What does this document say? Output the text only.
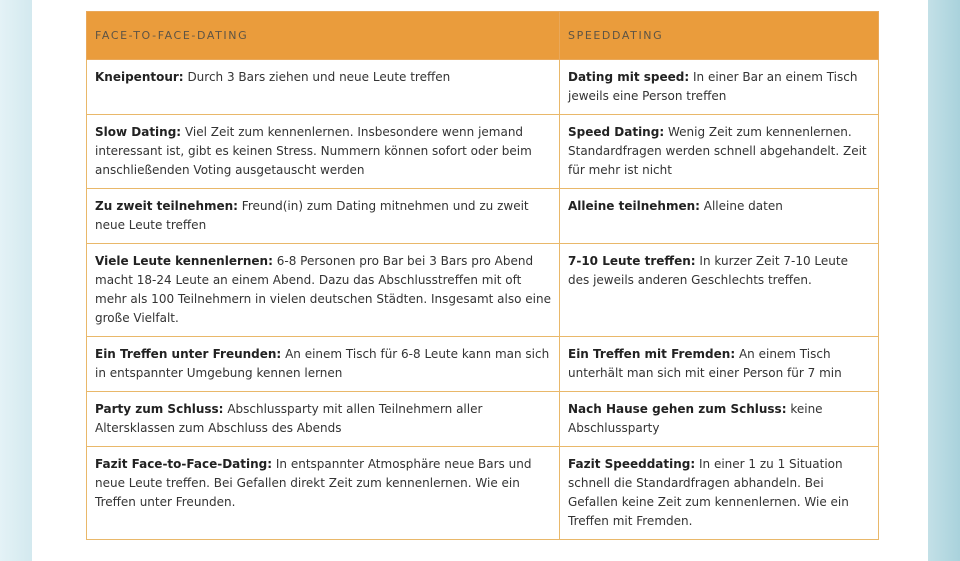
FACE-TO-FACE-DATING	SPEEDDATING
Kneipentour: Durch 3 Bars ziehen und neue Leute treffen	Dating mit speed: In einer Bar an einem Tisch jeweils eine Person treffen
Slow Dating: Viel Zeit zum kennenlernen. Insbesondere wenn jemand interessant ist, gibt es keinen Stress. Nummern können sofort oder beim anschließenden Voting ausgetauscht werden	Speed Dating: Wenig Zeit zum kennenlernen. Standardfragen werden schnell abgehandelt. Zeit für mehr ist nicht
Zu zweit teilnehmen: Freund(in) zum Dating mitnehmen und zu zweit neue Leute treffen	Alleine teilnehmen: Alleine daten
Viele Leute kennenlernen: 6-8 Personen pro Bar bei 3 Bars pro Abend macht 18-24 Leute an einem Abend. Dazu das Abschlusstreffen mit oft mehr als 100 Teilnehmern in vielen deutschen Städten. Insgesamt also eine große Vielfalt.	7-10 Leute treffen: In kurzer Zeit 7-10 Leute des jeweils anderen Geschlechts treffen.
Ein Treffen unter Freunden: An einem Tisch für 6-8 Leute kann man sich in entspannter Umgebung kennen lernen	Ein Treffen mit Fremden: An einem Tisch unterhält man sich mit einer Person für 7 min
Party zum Schluss: Abschlussparty mit allen Teilnehmern aller Altersklassen zum Abschluss des Abends	Nach Hause gehen zum Schluss: keine Abschlussparty
Fazit Face-to-Face-Dating: In entspannter Atmosphäre neue Bars und neue Leute treffen. Bei Gefallen direkt Zeit zum kennenlernen. Wie ein Treffen unter Freunden.	Fazit Speeddating: In einer 1 zu 1 Situation schnell die Standardfragen abhandeln. Bei Gefallen keine Zeit zum kennenlernen. Wie ein Treffen mit Fremden.
